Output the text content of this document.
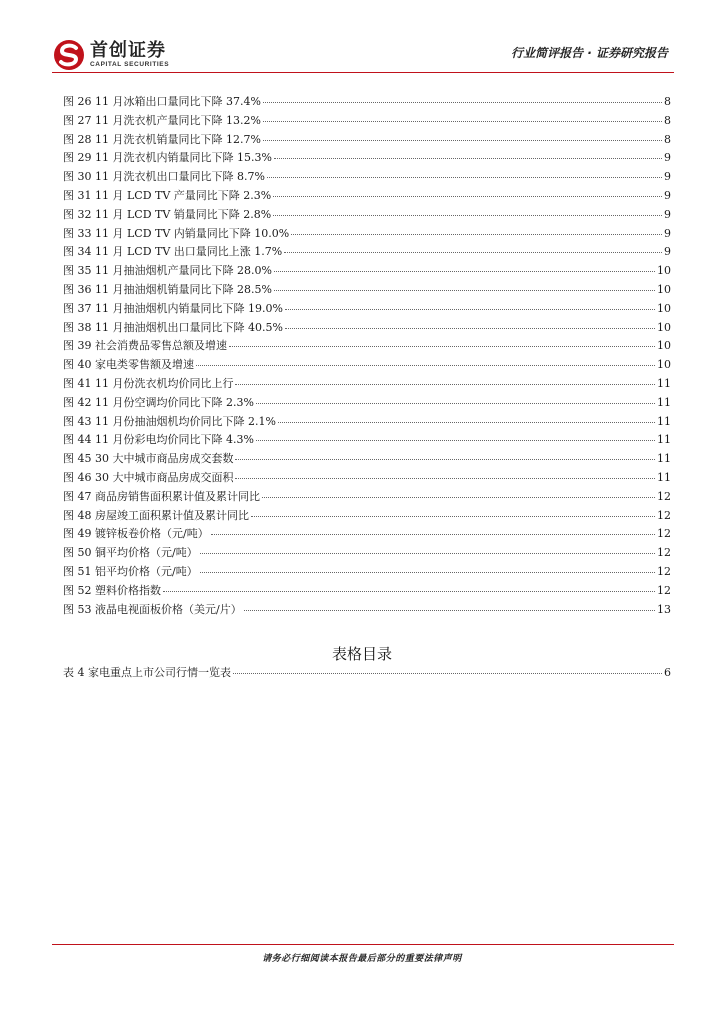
首创证券
CAPITAL SECURITIES
行业简评报告 · 证券研究报告
图 26 11 月冰箱出口量同比下降 37.4%	8
图 27 11 月洗衣机产量同比下降 13.2%	8
图 28 11 月洗衣机销量同比下降 12.7%	8
图 29 11 月洗衣机内销量同比下降 15.3%	9
图 30 11 月洗衣机出口量同比下降 8.7%	9
图 31 11 月 LCD TV 产量同比下降 2.3%	9
图 32 11 月 LCD TV 销量同比下降 2.8%	9
图 33 11 月 LCD TV 内销量同比下降 10.0%	9
图 34 11 月 LCD TV 出口量同比上涨 1.7%	9
图 35 11 月抽油烟机产量同比下降 28.0%	10
图 36 11 月抽油烟机销量同比下降 28.5%	10
图 37 11 月抽油烟机内销量同比下降 19.0%	10
图 38 11 月抽油烟机出口量同比下降 40.5%	10
图 39 社会消费品零售总额及增速	10
图 40 家电类零售额及增速	10
图 41 11 月份洗衣机均价同比上行	11
图 42 11 月份空调均价同比下降 2.3%	11
图 43 11 月份抽油烟机均价同比下降 2.1%	11
图 44 11 月份彩电均价同比下降 4.3%	11
图 45 30 大中城市商品房成交套数	11
图 46 30 大中城市商品房成交面积	11
图 47 商品房销售面积累计值及累计同比	12
图 48 房屋竣工面积累计值及累计同比	12
图 49 镀锌板卷价格（元/吨）	12
图 50 铜平均价格（元/吨）	12
图 51 铝平均价格（元/吨）	12
图 52 塑料价格指数	12
图 53 液晶电视面板价格（美元/片）	13
表格目录
表 4 家电重点上市公司行情一览表	6
请务必行细阅读本报告最后部分的重要法律声明
